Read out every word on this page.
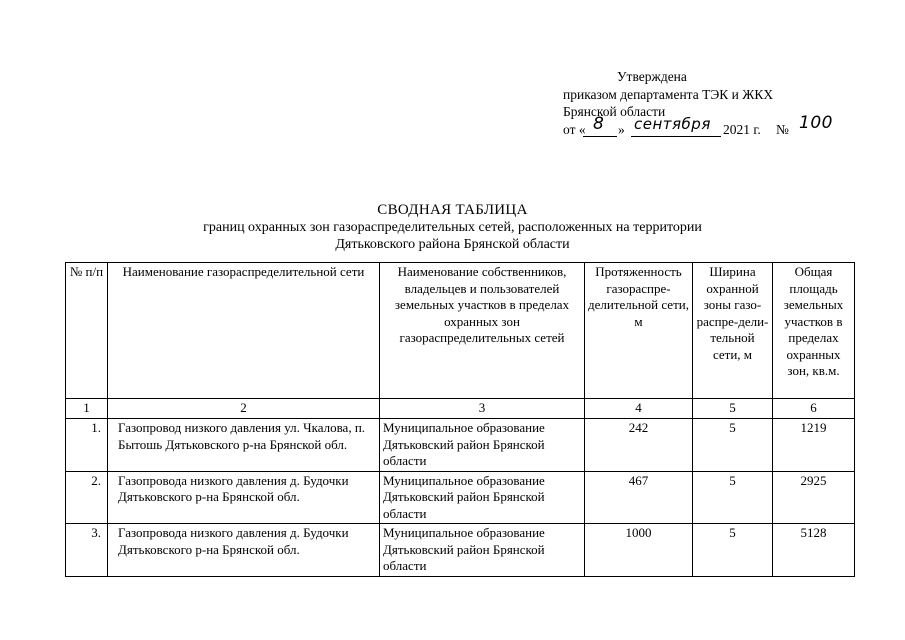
Утверждена
приказом департамента ТЭК и ЖКХ
Брянской области
от « 8 » сентября 2021 г. № 100
СВОДНАЯ ТАБЛИЦА
границ охранных зон газораспределительных сетей, расположенных на территории
Дятьковского района Брянской области
№ п/п	Наименование газораспределительной сети	Наименование собственников, владельцев и пользователей земельных участков в пределах охранных зон газораспределительных сетей	Протяженность газораспре-делительной сети, м	Ширина охранной зоны газо-распре-дели-тельной сети, м	Общая площадь земельных участков в пределах охранных зон, кв.м.
1	2	3	4	5	6
1.	Газопровод низкого давления ул. Чкалова, п. Бытошь Дятьковского р-на Брянской обл.	Муниципальное образование Дятьковский район Брянской области	242	5	1219
2.	Газопровода низкого давления д. Будочки Дятьковского р-на Брянской обл.	Муниципальное образование Дятьковский район Брянской области	467	5	2925
3.	Газопровода низкого давления д. Будочки Дятьковского р-на Брянской обл.	Муниципальное образование Дятьковский район Брянской области	1000	5	5128
